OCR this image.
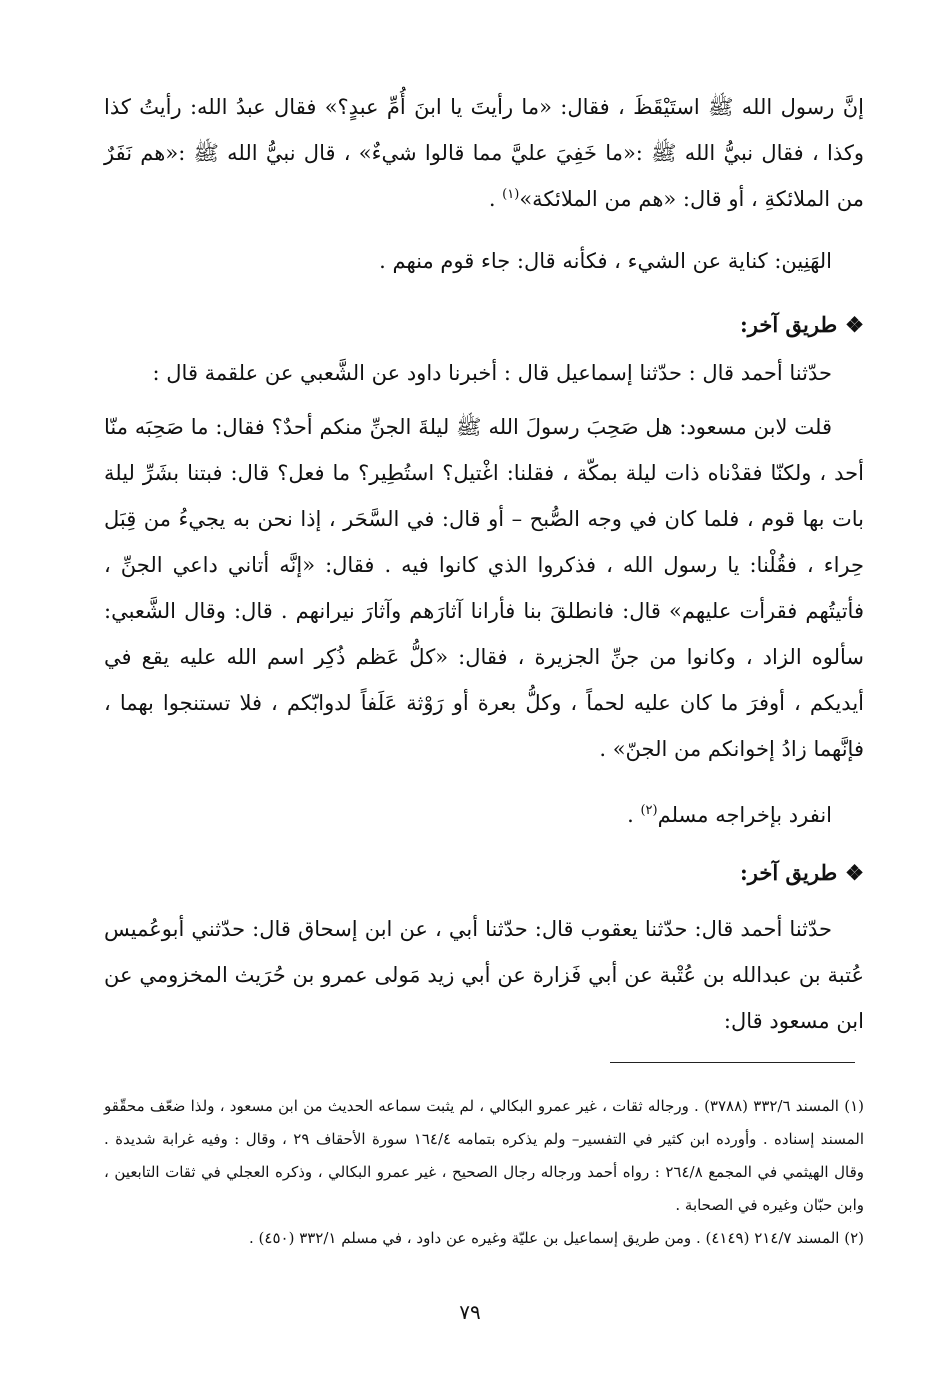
إنَّ رسول الله ﷺ استَيْقَظَ ، فقال: «ما رأيتَ يا ابنَ أُمِّ عبدٍ؟» فقال عبدُ الله: رأيتُ كذا وكذا ، فقال نبيُّ الله ﷺ :«ما خَفِيَ عليَّ مما قالوا شيءٌ» ، قال نبيُّ الله ﷺ :«هم نَفَرٌ من الملائكةِ ، أو قال: «هم من الملائكة»$^{(١)}$ .

الهَنِين: كناية عن الشيء ، فكأنه قال: جاء قوم منهم .

❖طريق آخر:

حدّثنا أحمد قال : حدّثنا إسماعيل قال : أخبرنا داود عن الشَّعبي عن علقمة قال :

قلت لابن مسعود: هل صَحِبَ رسولَ الله ﷺ ليلةَ الجنِّ منكم أحدٌ؟ فقال: ما صَحِبَه منّا أحد ، ولكنّا فقدْناه ذات ليلة بمكّة ، فقلنا: اغْتيل؟ استُطِير؟ ما فعل؟ قال: فبتنا بشَرِّ ليلة بات بها قوم ، فلما كان في وجه الصُّبح – أو قال: في السَّحَر ، إذا نحن به يجيءُ من قِبَل حِراء ، فقُلْنا: يا رسول الله ، فذكروا الذي كانوا فيه . فقال: «إنَّه أتاني داعي الجنِّ ، فأتيتُهم فقرأت عليهم» قال: فانطلقَ بنا فأرانا آثارَهم وآثارَ نيرانهم . قال: وقال الشَّعبي: سألوه الزاد ، وكانوا من جنِّ الجزيرة ، فقال: «كلُّ عَظم ذُكِر اسم الله عليه يقع في أيديكم ، أوفرَ ما كان عليه لحماً ، وكلُّ بعرة أو رَوْثة عَلَفاً لدوابّكم ، فلا تستنجوا بهما ، فإنَّهما زادُ إخوانكم من الجنّ» .

انفرد بإخراجه مسلم$^{(٢)}$ .

❖طريق آخر:

حدّثنا أحمد قال: حدّثنا يعقوب قال: حدّثنا أبي ، عن ابن إسحاق قال: حدّثني أبوعُميس عُتبة بن عبدالله بن عُتْبة عن أبي فَزارة عن أبي زيد مَولى عمرو بن حُرَيث المخزومي عن ابن مسعود قال:

(١) المسند ٣٣٢/٦ (٣٧٨٨) . ورجاله ثقات ، غير عمرو البكالي ، لم يثبت سماعه الحديث من ابن مسعود ، ولذا ضعّف محقّقو المسند إسناده . وأورده ابن كثير في التفسير– ولم يذكره بتمامه ١٦٤/٤ سورة الأحقاف ٢٩ ، وقال : وفيه غرابة شديدة . وقال الهيثمي في المجمع ٢٦٤/٨ : رواه أحمد ورجاله رجال الصحيح ، غير عمرو البكالي ، وذكره العجلي في ثقات التابعين ، وابن حبّان وغيره في الصحابة .

(٢) المسند ٢١٤/٧ (٤١٤٩) . ومن طريق إسماعيل بن عليّة وغيره عن داود ، في مسلم ٣٣٢/١ (٤٥٠) .

٧٩
